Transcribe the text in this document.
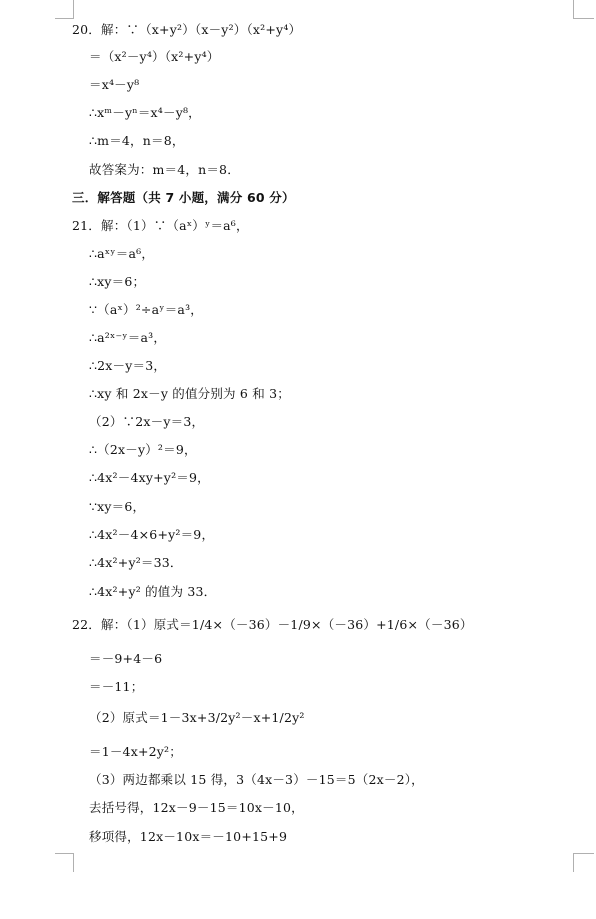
20．解：∵（x+y²）（x－y²）（x²+y⁴）
＝（x²－y⁴）（x²+y⁴）
＝x⁴－y⁸
∴xᵐ－yⁿ＝x⁴－y⁸，
∴m＝4，n＝8，
故答案为：m＝4，n＝8．
三．解答题（共 7 小题，满分 60 分）
21．解：（1）∵（aˣ）ʸ＝a⁶，
∴aˣʸ＝a⁶，
∴xy＝6；
∵（aˣ）²÷aʸ＝a³，
∴a²ˣ⁻ʸ＝a³，
∴2x－y＝3，
∴xy 和 2x－y 的值分别为 6 和 3；
（2）∵2x－y＝3，
∴（2x－y）²＝9，
∴4x²－4xy+y²＝9，
∵xy＝6，
∴4x²－4×6+y²＝9，
∴4x²+y²＝33．
∴4x²+y² 的值为 33．
22．解：（1）原式＝1/4×（－36）－1/9×（－36）+1/6×（－36）
＝－9+4－6
＝－11；
（2）原式＝1－3x+3/2y²－x+1/2y²
＝1－4x+2y²；
（3）两边都乘以 15 得，3（4x－3）－15＝5（2x－2），
去括号得，12x－9－15＝10x－10，
移项得，12x－10x＝－10+15+9
